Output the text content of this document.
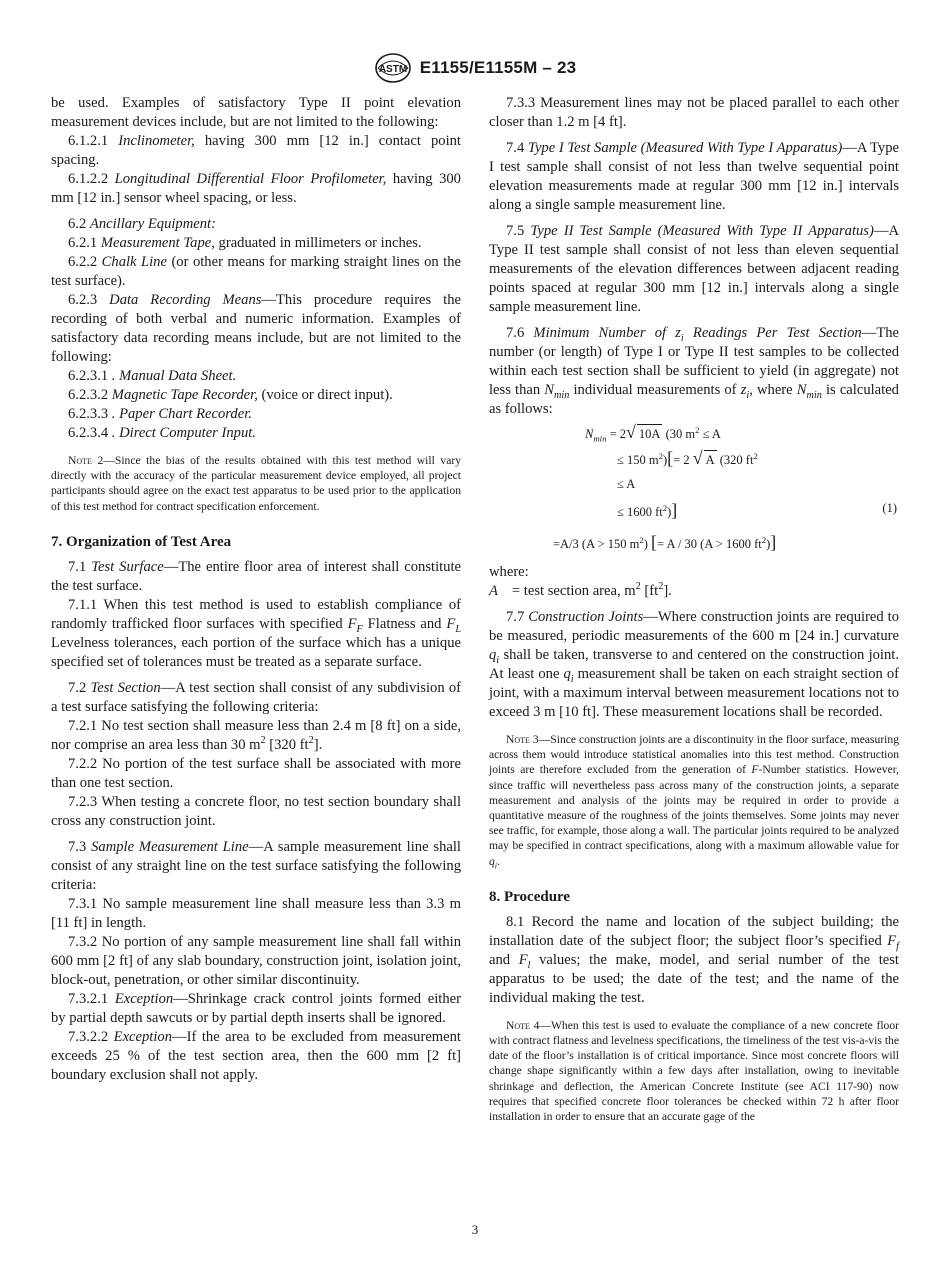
ASTM E1155/E1155M – 23

be used. Examples of satisfactory Type II point elevation measurement devices include, but are not limited to the following:

6.1.2.1 Inclinometer, having 300 mm [12 in.] contact point spacing.

6.1.2.2 Longitudinal Differential Floor Profilometer, having 300 mm [12 in.] sensor wheel spacing, or less.

6.2 Ancillary Equipment:

6.2.1 Measurement Tape, graduated in millimeters or inches.

6.2.2 Chalk Line (or other means for marking straight lines on the test surface).

6.2.3 Data Recording Means—This procedure requires the recording of both verbal and numeric information. Examples of satisfactory data recording means include, but are not limited to the following:

6.2.3.1 . Manual Data Sheet.

6.2.3.2 Magnetic Tape Recorder, (voice or direct input).

6.2.3.3 . Paper Chart Recorder.

6.2.3.4 . Direct Computer Input.

Note 2—Since the bias of the results obtained with this test method will vary directly with the accuracy of the particular measurement device employed, all project participants should agree on the exact test apparatus to be used prior to the application of this test method for contract specification enforcement.

7. Organization of Test Area

7.1 Test Surface—The entire floor area of interest shall constitute the test surface.

7.1.1 When this test method is used to establish compliance of randomly trafficked floor surfaces with specified $F_F$ Flatness and $F_L$ Levelness tolerances, each portion of the surface which has a unique specified set of tolerances must be treated as a separate surface.

7.2 Test Section—A test section shall consist of any subdivision of a test surface satisfying the following criteria:

7.2.1 No test section shall measure less than 2.4 m [8 ft] on a side, nor comprise an area less than 30 $m^2$ [320 $ft^2$].

7.2.2 No portion of the test surface shall be associated with more than one test section.

7.2.3 When testing a concrete floor, no test section boundary shall cross any construction joint.

7.3 Sample Measurement Line—A sample measurement line shall consist of any straight line on the test surface satisfying the following criteria:

7.3.1 No sample measurement line shall measure less than 3.3 m [11 ft] in length.

7.3.2 No portion of any sample measurement line shall fall within 600 mm [2 ft] of any slab boundary, construction joint, isolation joint, block-out, penetration, or other similar discontinuity.

7.3.2.1 Exception—Shrinkage crack control joints formed either by partial depth sawcuts or by partial depth inserts shall be ignored.

7.3.2.2 Exception—If the area to be excluded from measurement exceeds 25 % of the test section area, then the 600 mm [2 ft] boundary exclusion shall not apply.

7.3.3 Measurement lines may not be placed parallel to each other closer than 1.2 m [4 ft].

7.4 Type I Test Sample (Measured With Type I Apparatus)—A Type I test sample shall consist of not less than twelve sequential point elevation measurements made at regular 300 mm [12 in.] intervals along a single sample measurement line.

7.5 Type II Test Sample (Measured With Type II Apparatus)—A Type II test sample shall consist of not less than eleven sequential measurements of the elevation differences between adjacent reading points spaced at regular 300 mm [12 in.] intervals along a single sample measurement line.

7.6 Minimum Number of $z_i$ Readings Per Test Section—The number (or length) of Type I or Type II test samples to be collected within each test section shall be sufficient to yield (in aggregate) not less than $N_{min}$ individual measurements of $z_i$, where $N_{min}$ is calculated as follows:

$N_{min} = 2√$ 10A (30 $m^2 \le A$
≤ 150 $m^2)[= 2$ √ A (320 $ft^2$
≤ A
≤ 1600 $ft^2$)]	(1)
=A/3 (A > 150 $m^2$) [= A / 30 (A > 1600 $ft^2$)]

where:

A = test section area, $m^2$ $[ft^2]$.

7.7 Construction Joints—Where construction joints are required to be measured, periodic measurements of the 600 m [24 in.] curvature $q_i$ shall be taken, transverse to and centered on the construction joint. At least one $q_i$ measurement shall be taken on each straight section of joint, with a maximum interval between measurement locations not to exceed 3 m [10 ft]. These measurement locations shall be recorded.

Note 3—Since construction joints are a discontinuity in the floor surface, measuring across them would introduce statistical anomalies into this test method. Construction joints are therefore excluded from the generation of F-Number statistics. However, since traffic will nevertheless pass across many of the construction joints, a separate measurement and analysis of the joints may be required in order to provide a quantitative measure of the roughness of the joints themselves. Some joints may never see traffic, for example, those along a wall. The particular joints required to be analyzed may be specified in contract specifications, along with a maximum allowable value for $q_i$.

8. Procedure

8.1 Record the name and location of the subject building; the installation date of the subject floor; the subject floor’s specified $F_f$ and $F_l$ values; the make, model, and serial number of the test apparatus to be used; the date of the test; and the name of the individual making the test.

Note 4—When this test is used to evaluate the compliance of a new concrete floor with contract flatness and levelness specifications, the timeliness of the test vis-a-vis the date of the floor’s installation is of critical importance. Since most concrete floors will change shape significantly within a few days after installation, owing to inevitable shrinkage and deflection, the American Concrete Institute (see ACI 117-90) now requires that specified concrete floor tolerances be checked within 72 h after floor installation in order to ensure that an accurate gage of the

3
